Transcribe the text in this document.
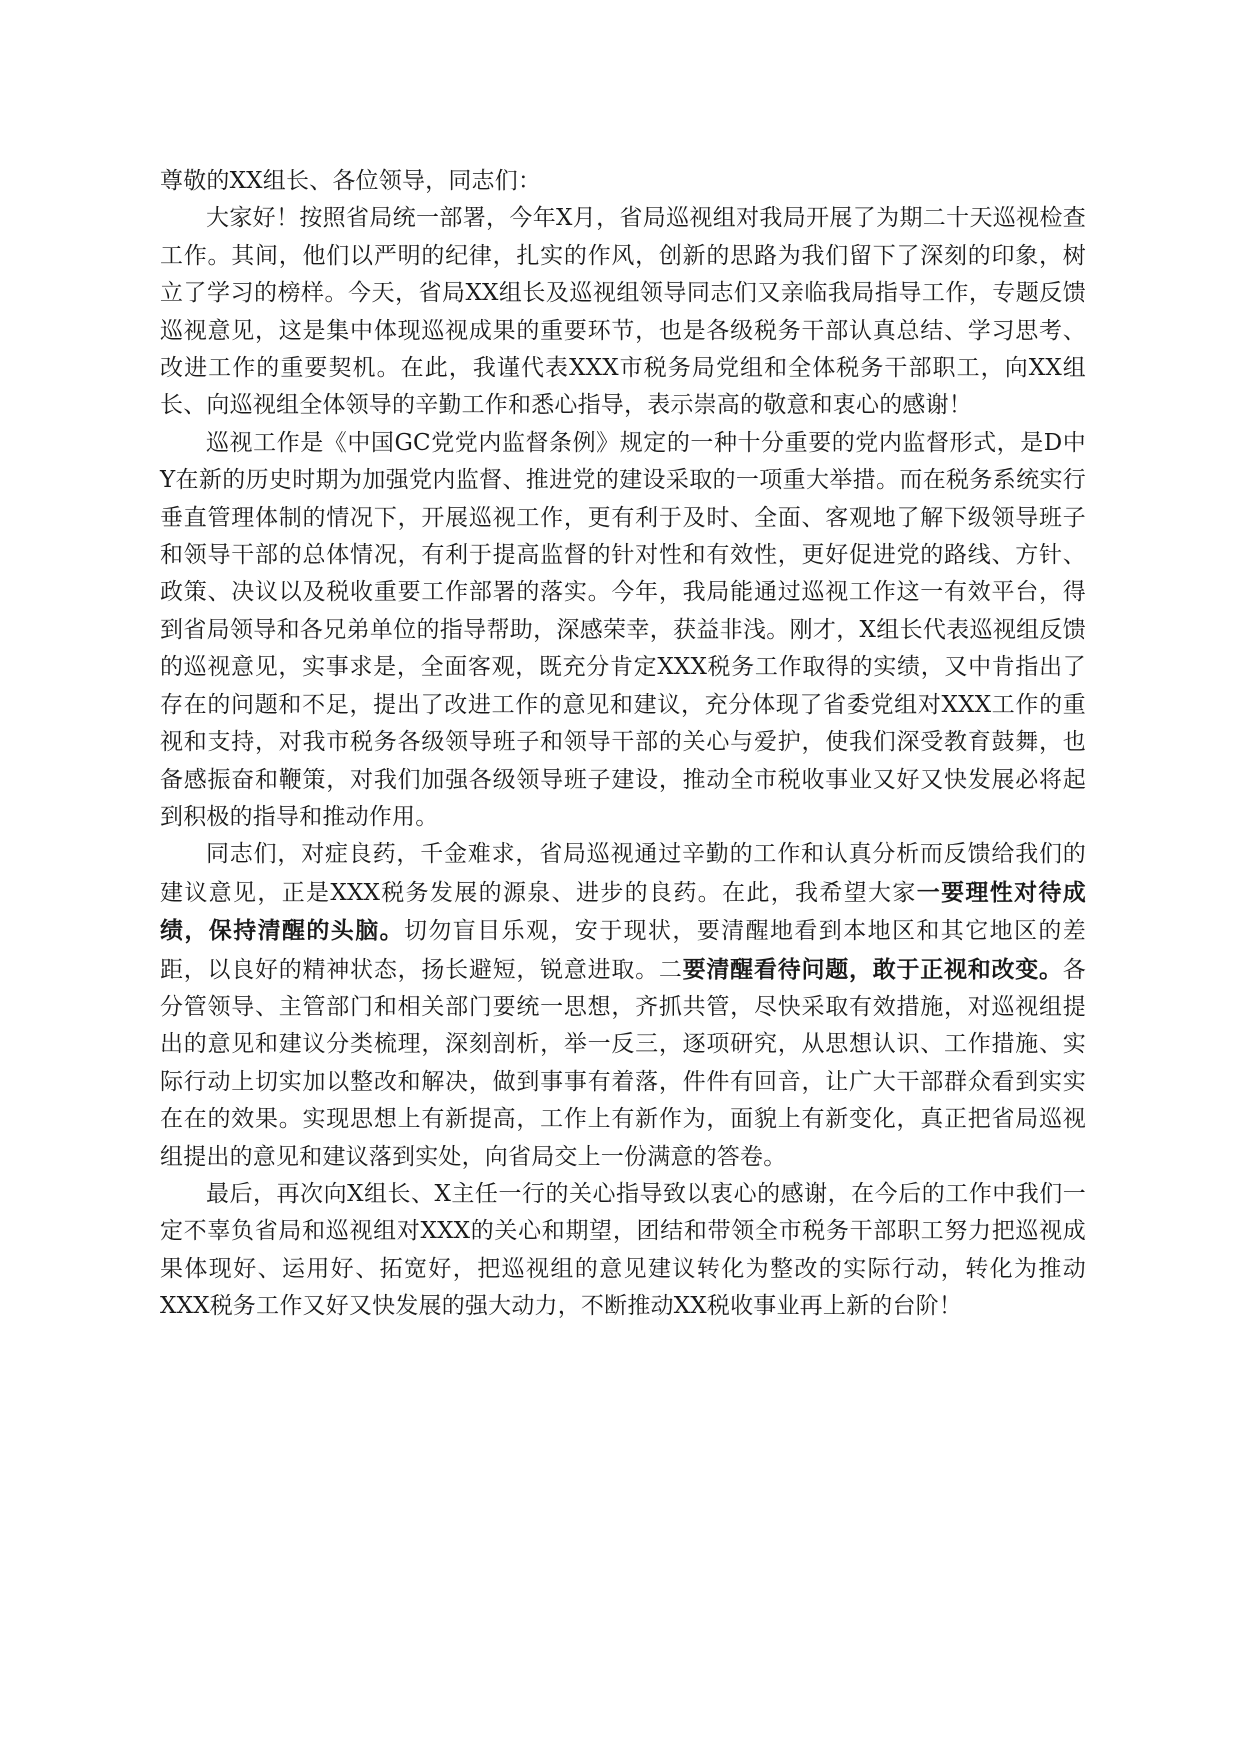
尊敬的XX组长、各位领导，同志们：

大家好！按照省局统一部署，今年X月，省局巡视组对我局开展了为期二十天巡视检查工作。其间，他们以严明的纪律，扎实的作风，创新的思路为我们留下了深刻的印象，树立了学习的榜样。今天，省局XX组长及巡视组领导同志们又亲临我局指导工作，专题反馈巡视意见，这是集中体现巡视成果的重要环节，也是各级税务干部认真总结、学习思考、改进工作的重要契机。在此，我谨代表XXX市税务局党组和全体税务干部职工，向XX组长、向巡视组全体领导的辛勤工作和悉心指导，表示崇高的敬意和衷心的感谢！

巡视工作是《中国GC党党内监督条例》规定的一种十分重要的党内监督形式，是D中Y在新的历史时期为加强党内监督、推进党的建设采取的一项重大举措。而在税务系统实行垂直管理体制的情况下，开展巡视工作，更有利于及时、全面、客观地了解下级领导班子和领导干部的总体情况，有利于提高监督的针对性和有效性，更好促进党的路线、方针、政策、决议以及税收重要工作部署的落实。今年，我局能通过巡视工作这一有效平台，得到省局领导和各兄弟单位的指导帮助，深感荣幸，获益非浅。刚才，X组长代表巡视组反馈的巡视意见，实事求是，全面客观，既充分肯定XXX税务工作取得的实绩，又中肯指出了存在的问题和不足，提出了改进工作的意见和建议，充分体现了省委党组对XXX工作的重视和支持，对我市税务各级领导班子和领导干部的关心与爱护，使我们深受教育鼓舞，也备感振奋和鞭策，对我们加强各级领导班子建设，推动全市税收事业又好又快发展必将起到积极的指导和推动作用。

同志们，对症良药，千金难求，省局巡视通过辛勤的工作和认真分析而反馈给我们的建议意见，正是XXX税务发展的源泉、进步的良药。在此，我希望大家一要理性对待成绩，保持清醒的头脑。切勿盲目乐观，安于现状，要清醒地看到本地区和其它地区的差距，以良好的精神状态，扬长避短，锐意进取。二要清醒看待问题，敢于正视和改变。各分管领导、主管部门和相关部门要统一思想，齐抓共管，尽快采取有效措施，对巡视组提出的意见和建议分类梳理，深刻剖析，举一反三，逐项研究，从思想认识、工作措施、实际行动上切实加以整改和解决，做到事事有着落，件件有回音，让广大干部群众看到实实在在的效果。实现思想上有新提高，工作上有新作为，面貌上有新变化，真正把省局巡视组提出的意见和建议落到实处，向省局交上一份满意的答卷。

最后，再次向X组长、X主任一行的关心指导致以衷心的感谢，在今后的工作中我们一定不辜负省局和巡视组对XXX的关心和期望，团结和带领全市税务干部职工努力把巡视成果体现好、运用好、拓宽好，把巡视组的意见建议转化为整改的实际行动，转化为推动XXX税务工作又好又快发展的强大动力，不断推动XX税收事业再上新的台阶！
